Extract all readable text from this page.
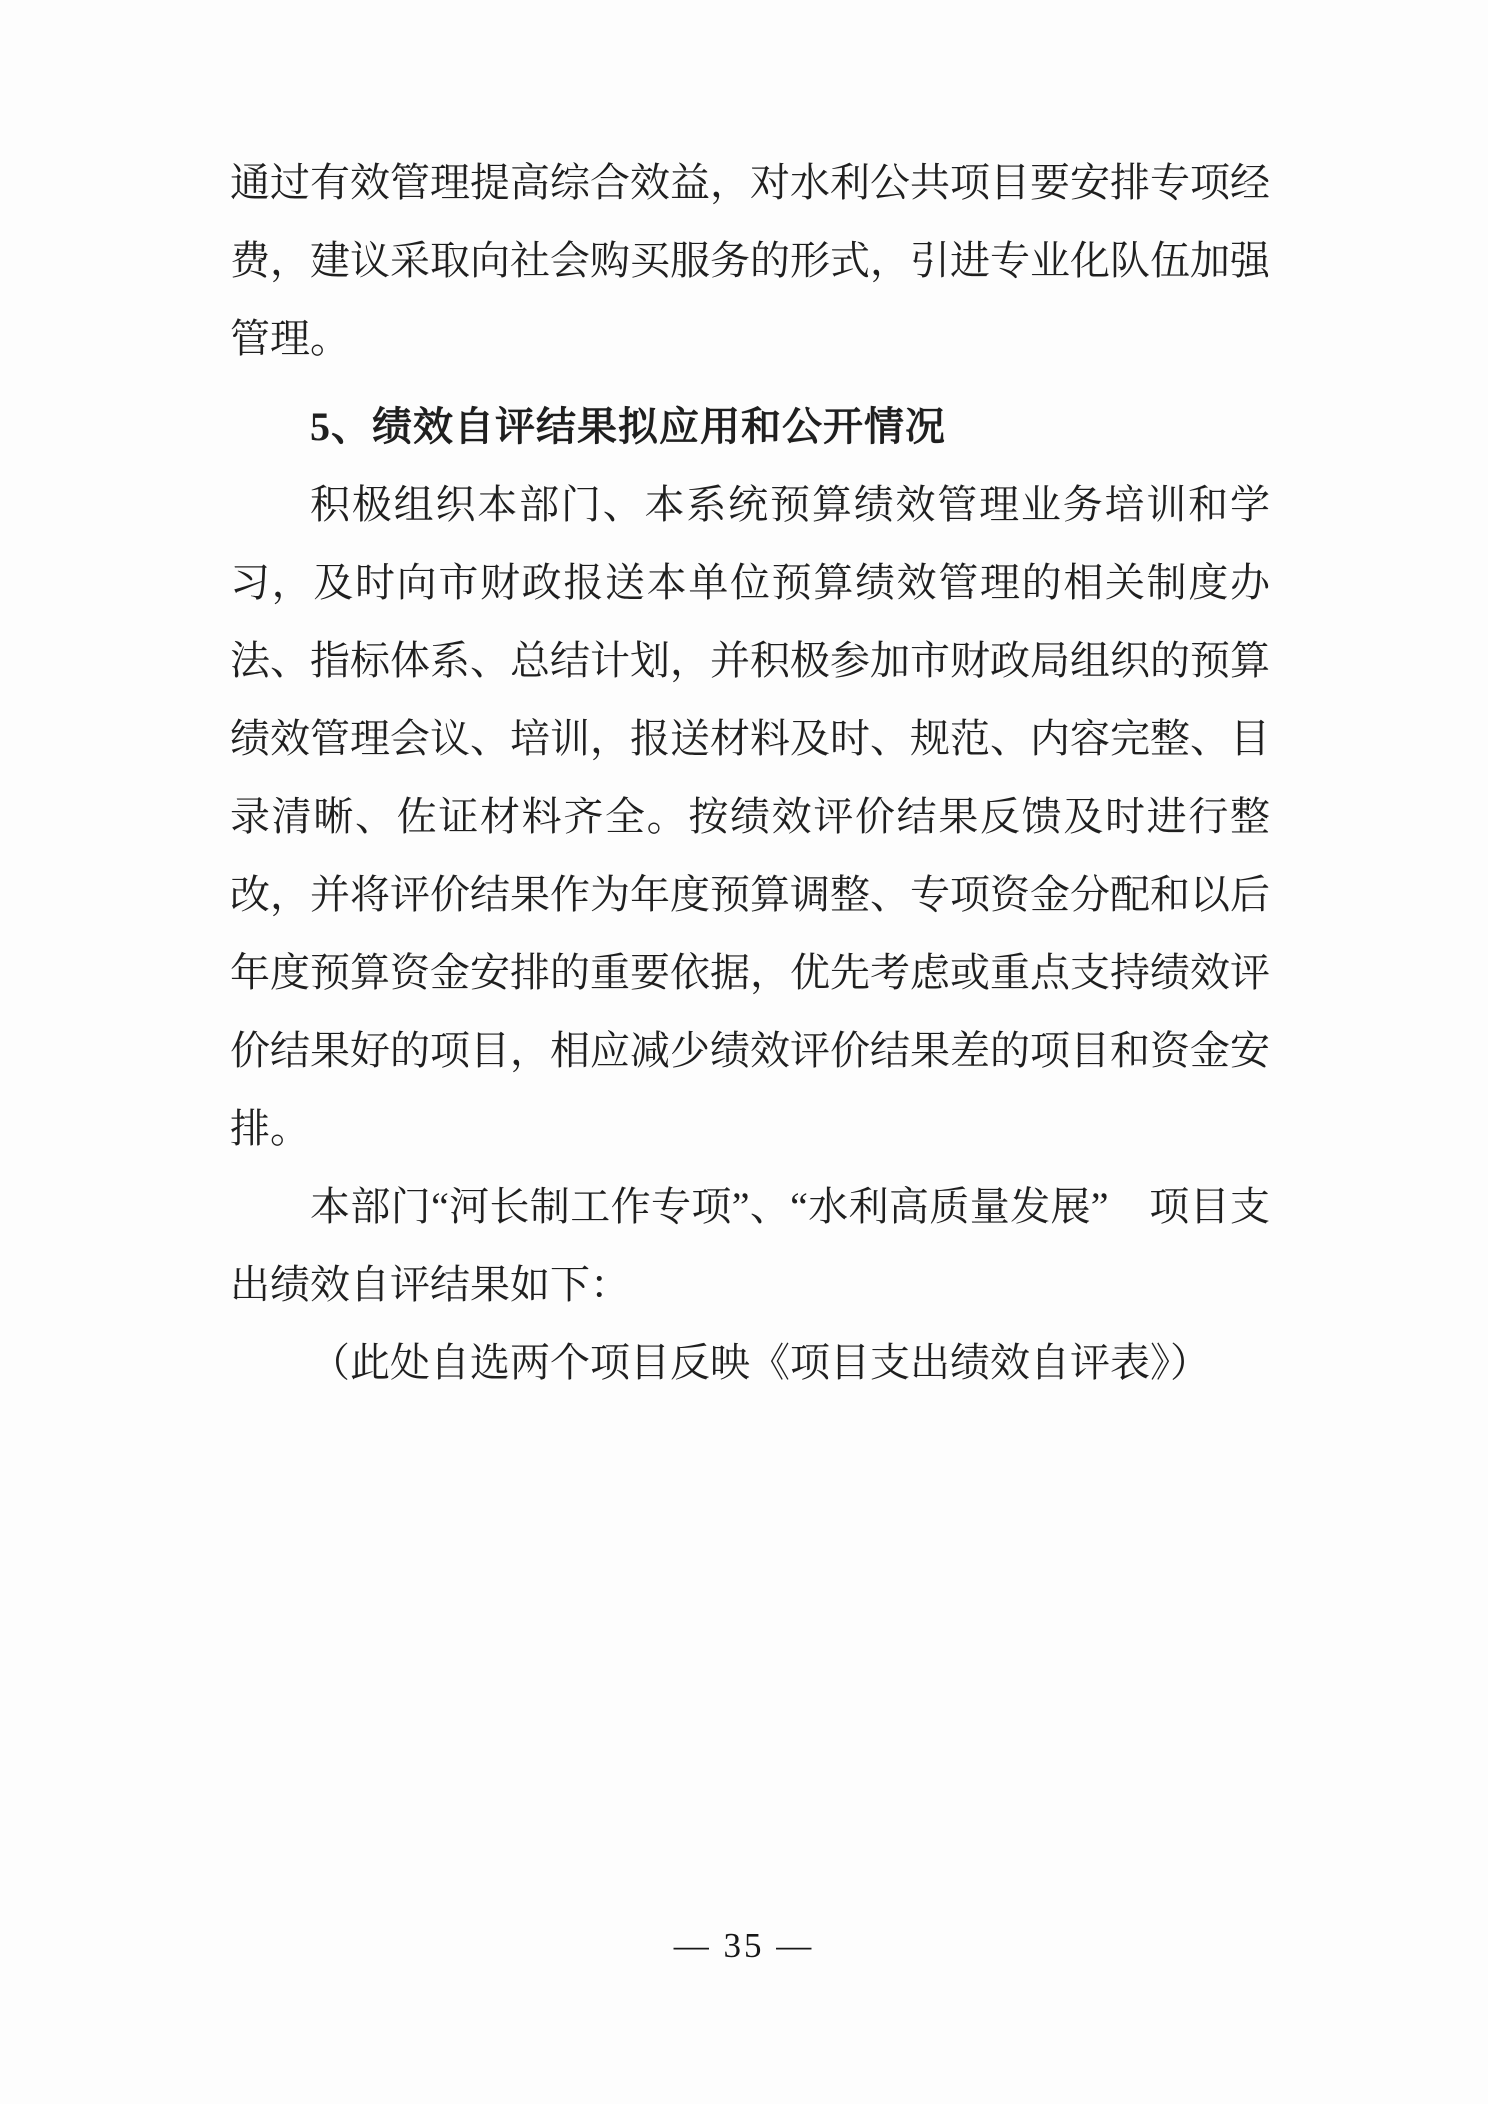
通过有效管理提高综合效益，对水利公共项目要安排专项经费，建议采取向社会购买服务的形式，引进专业化队伍加强管理。

5、绩效自评结果拟应用和公开情况

积极组织本部门、本系统预算绩效管理业务培训和学习，及时向市财政报送本单位预算绩效管理的相关制度办法、指标体系、总结计划，并积极参加市财政局组织的预算绩效管理会议、培训，报送材料及时、规范、内容完整、目录清晰、佐证材料齐全。按绩效评价结果反馈及时进行整改，并将评价结果作为年度预算调整、专项资金分配和以后年度预算资金安排的重要依据，优先考虑或重点支持绩效评价结果好的项目，相应减少绩效评价结果差的项目和资金安排。

本部门“河长制工作专项”、“水利高质量发展”　项目支出绩效自评结果如下：

（此处自选两个项目反映《项目支出绩效自评表》）

— 35 —
